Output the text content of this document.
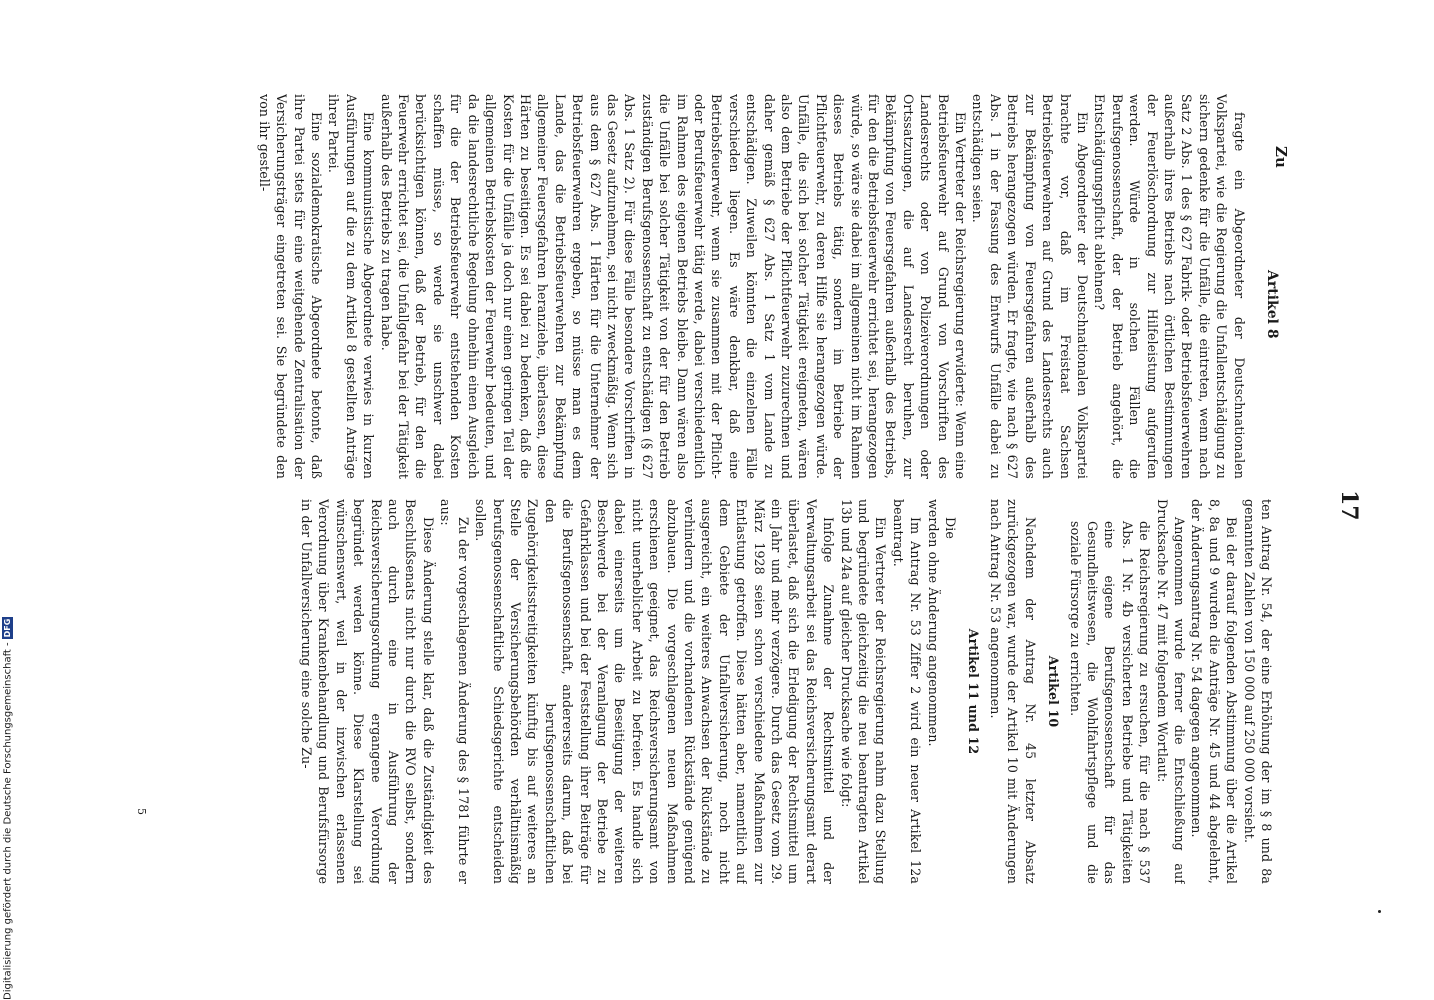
17
Zu
5

fragte ein Abgeordneter der Deutschnationalen Volkspartei, wie die Regierung die Unfallentschädigung zu sichern gedenke für die Unfälle, die eintreten, wenn nach Satz 2 Abs. 1 des § 627 Fabrik- oder Betriebsfeuerwehren außerhalb ihres Betriebs nach örtlichen Bestimmungen der Feuerlöschordnung zur Hilfeleistung aufgerufen werden. Würde in solchen Fällen die Berufsgenossenschaft, der der Betrieb angehört, die Entschädigungspflicht ablehnen?

Ein Abgeordneter der Deutschnationalen Volkspartei brachte vor, daß im Freistaat Sachsen Betriebsfeuerwehren auf Grund des Landesrechts auch zur Bekämpfung von Feuersgefahren außerhalb des Betriebs herangezogen würden. Er fragte, wie nach § 627 Abs. 1 in der Fassung des Entwurfs Unfälle dabei zu entschädigen seien.

Ein Vertreter der Reichsregierung erwiderte: Wenn eine Betriebsfeuerwehr auf Grund von Vorschriften des Landesrechts oder von Polizeiverordnungen oder Ortssatzungen, die auf Landesrecht beruhen, zur Bekämpfung von Feuersgefahren außerhalb des Betriebs, für den die Betriebsfeuerwehr errichtet sei, herangezogen würde, so wäre sie dabei im allgemeinen nicht im Rahmen dieses Betriebs tätig, sondern im Betriebe der Pflichtfeuerwehr, zu deren Hilfe sie herangezogen würde. Unfälle, die sich bei solcher Tätigkeit ereigneten, wären also dem Betriebe der Pflichtfeuerwehr zuzurechnen und daher gemäß § 627 Abs. 1 Satz 1 vom Lande zu entschädigen. Zuweilen könnten die einzelnen Fälle verschieden liegen. Es wäre denkbar, daß eine Betriebsfeuerwehr, wenn sie zusammen mit der Pflicht- oder Berufsfeuerwehr tätig werde, dabei verschiedentlich im Rahmen des eigenen Betriebs bleibe. Dann wären also die Unfälle bei solcher Tätigkeit von der für den Betrieb zuständigen Berufsgenossenschaft zu entschädigen (§ 627 Abs. 1 Satz 2). Für diese Fälle besondere Vorschriften in das Gesetz aufzunehmen, sei nicht zweckmäßig. Wenn sich aus dem § 627 Abs. 1 Härten für die Unternehmer der Betriebsfeuerwehren ergeben, so müsse man es dem Lande, das die Betriebsfeuerwehren zur Bekämpfung allgemeiner Feuersgefahren heranziehe, überlassen, diese Härten zu beseitigen. Es sei dabei zu bedenken, daß die Kosten für die Unfälle ja doch nur einen geringen Teil der allgemeinen Betriebskosten der Feuerwehr bedeuten, und da die landesrechtliche Regelung ohnehin einen Ausgleich für die der Betriebsfeuerwehr entstehenden Kosten schaffen müsse, so werde sie unschwer dabei berücksichtigen können, daß der Betrieb, für den die Feuerwehr errichtet sei, die Unfallgefahr bei der Tätigkeit außerhalb des Betriebs zu tragen habe.

Eine kommunistische Abgeordnete verwies in kurzen Ausführungen auf die zu dem Artikel 8 gestellten Anträge ihrer Partei.

Eine sozialdemokratische Abgeordnete betonte, daß ihre Partei stets für eine weitgehende Zentralisation der Versicherungsträger eingetreten sei. Sie begründete den von ihr gestell-

ten Antrag Nr. 54, der eine Erhöhung der im § 8 und 8a genannten Zahlen von 150 000 auf 250 000 vorsieht.

Bei der darauf folgenden Abstimmung über die Artikel 8, 8a und 9 wurden die Anträge Nr. 45 und 44 abgelehnt, der Änderungsantrag Nr. 54 dagegen angenommen.

Angenommen wurde ferner die Entschließung auf Drucksache Nr. 47 mit folgendem Wortlaut:

die Reichsregierung zu ersuchen, für die nach § 537 Abs. 1 Nr. 4b versicherten Betriebe und Tätigkeiten eine eigene Berufsgenossenschaft für das Gesundheitswesen, die Wohlfahrtspflege und die soziale Fürsorge zu errichten.

Artikel 10

Nachdem der Antrag Nr. 45 letzter Absatz zurückgezogen war, wurde der Artikel 10 mit Änderungen nach Antrag Nr. 53 angenommen.

Artikel 11 und 12

Die

werden ohne Änderung angenommen.

Im Antrag Nr. 53 Ziffer 2 wird ein neuer Artikel 12a beantragt.

Ein Vertreter der Reichsregierung nahm dazu Stellung und begründete gleichzeitig die neu beantragten Artikel 13b und 24a auf gleicher Drucksache wie folgt:

Infolge Zunahme der Rechtsmittel und der Verwaltungsarbeit sei das Reichsversicherungsamt derart überlastet, daß sich die Erledigung der Rechtsmittel um ein Jahr und mehr verzögere. Durch das Gesetz vom 29. März 1928 seien schon verschiedene Maßnahmen zur Entlastung getroffen. Diese hätten aber, namentlich auf dem Gebiete der Unfallversicherung, noch nicht ausgereicht, ein weiteres Anwachsen der Rückstände zu verhindern und die vorhandenen Rückstände genügend abzubauen. Die vorgeschlagenen neuen Maßnahmen erschienen geeignet, das Reichsversicherungsamt von nicht unerheblicher Arbeit zu befreien. Es handle sich dabei einerseits um die Beseitigung der weiteren Beschwerde bei der Veranlagung der Betriebe zu Gefahrklassen und bei der Feststellung ihrer Beiträge für die Berufsgenossenschaft, andererseits darum, daß bei den berufsgenossenschaftlichen Zugehörigkeitsstreitigkeiten künftig bis auf weiteres an Stelle der Versicherungsbehörden verhältnismäßig berufsgenossenschaftliche Schiedsgerichte entscheiden sollen.

Zu der vorgeschlagenen Änderung des § 1781 führte er aus:

Diese Änderung stelle klar, daß die Zuständigkeit des Beschlußsenats nicht nur durch die RVO selbst, sondern auch durch eine in Ausführung der Reichsversicherungsordnung ergangene Verordnung begründet werden könne. Diese Klarstellung sei wünschenswert, weil in der inzwischen erlassenen Verordnung über Krankenbehandlung und Berufsfürsorge in der Unfallversicherung eine solche Zu-

Artikel 8
Digitalisierung gefördert durch die Deutsche Forschungsgemeinschaft -DFG
